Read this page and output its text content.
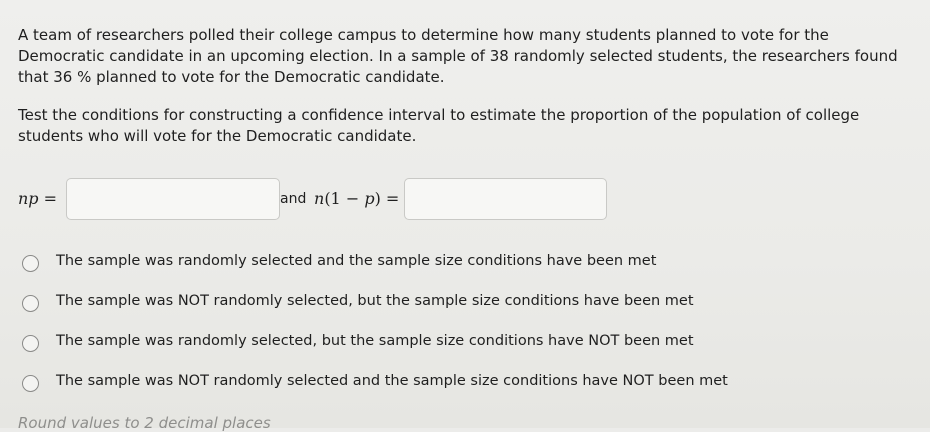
A team of researchers polled their college campus to determine how many students planned to vote for the Democratic candidate in an upcoming election. In a sample of 38 randomly selected students, the researchers found that 36 % planned to vote for the Democratic candidate.

Test the conditions for constructing a confidence interval to estimate the proportion of the population of college students who will vote for the Democratic candidate.

np =	and n(1 − p) =
The sample was randomly selected and the sample size conditions have been met
The sample was NOT randomly selected, but the sample size conditions have been met
The sample was randomly selected, but the sample size conditions have NOT been met
The sample was NOT randomly selected and the sample size conditions have NOT been met
Round values to 2 decimal places
